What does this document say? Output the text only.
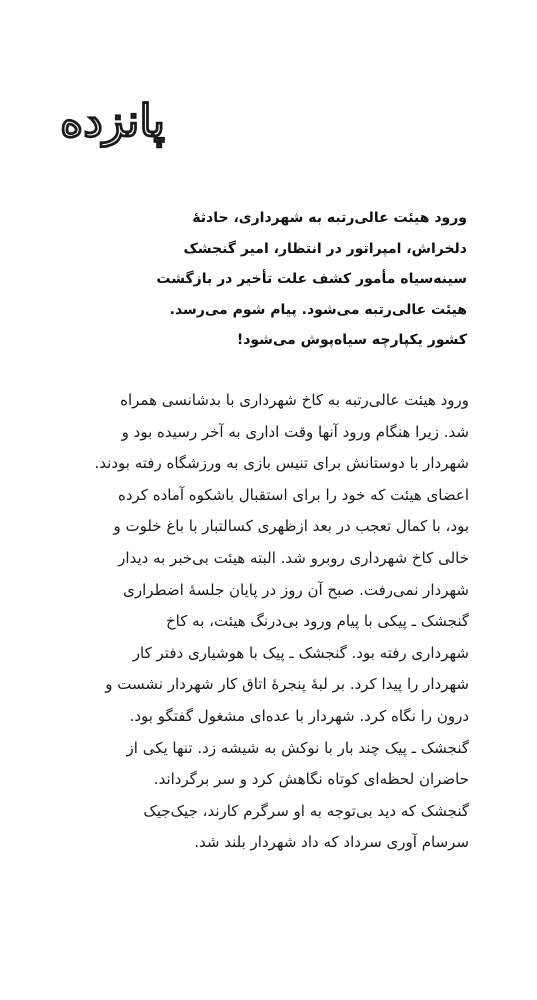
پانزده
ورود هیئت عالی‌رتبه به شهرداری، حادثهٔ
دلخراش، امپراتور در انتظار، امیر گنجشک
سینه‌سیاه مأمور کشف علت تأخیر در بازگشت
هیئت عالی‌رتبه می‌شود. پیام شوم می‌رسد.
کشور یکپارچه سیاه‌پوش می‌شود!
ورود هیئت عالی‌رتبه به کاخ شهرداری با بدشانسی همراه
شد. زیرا هنگام ورود آنها وقت اداری به آخر رسیده بود و
شهردار با دوستانش برای تنیس بازی به ورزشگاه رفته بودند.
اعضای هیئت که خود را برای استقبال باشکوه آماده کرده
بود، با کمال تعجب در بعد ازظهری کسالتبار با باغ خلوت و
خالی کاخ شهرداری روبرو شد. البته هیئت بی‌خبر به دیدار
شهردار نمی‌رفت. صبح آن روز در پایان جلسهٔ اضطراری
گنجشک ـ پیکی با پیام ورود بی‌درنگ هیئت، به کاخ
شهرداری رفته بود. گنجشک ـ پیک با هوشیاری دفتر کار
شهردار را پیدا کرد. بر لبهٔ پنجرهٔ اتاق کار شهردار نشست و
درون را نگاه کرد. شهردار با عده‌ای مشغول گفتگو بود.
گنجشک ـ پیک چند بار با نوکش به شیشه زد. تنها یکی از
حاضران لحظه‌ای کوتاه نگاهش کرد و سر برگرداند.
گنجشک که دید بی‌توجه به او سرگرم کارند، جیک‌جیک
سرسام آوری سرداد که داد شهردار بلند شد.
